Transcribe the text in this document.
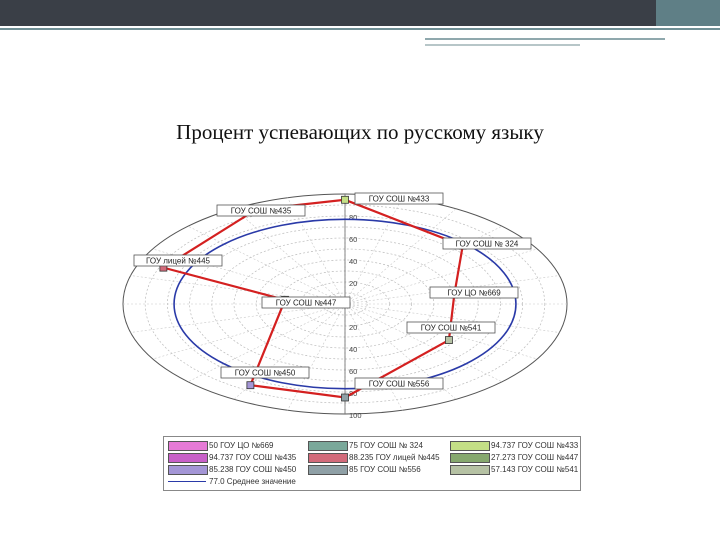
Процент успевающих по русскому языку
80
60
40
20
20
40
60
80
100
ГОУ СОШ №433
ГОУ СОШ № 324
ГОУ ЦО №669
ГОУ СОШ №541
ГОУ СОШ №556
ГОУ СОШ №450
ГОУ СОШ №447
ГОУ лицей №445
ГОУ СОШ №435
50 ГОУ ЦО №669	75 ГОУ СОШ № 324	94.737 ГОУ СОШ №433
94.737 ГОУ СОШ №435	88.235 ГОУ лицей №445	27.273 ГОУ СОШ №447
85.238 ГОУ СОШ №450	85 ГОУ СОШ №556	57.143 ГОУ СОШ №541
77.0 Среднее значение
